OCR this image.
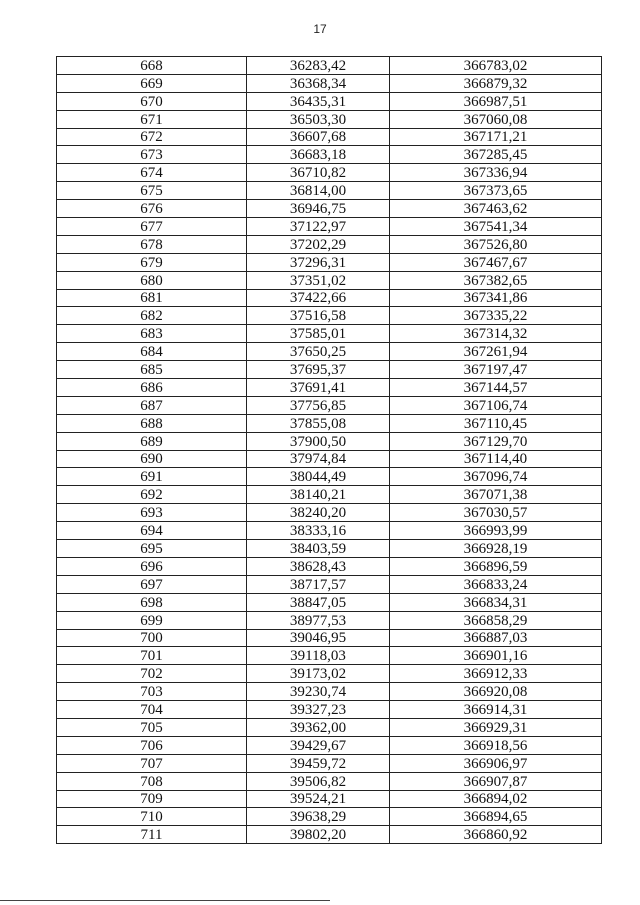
17
668	36283,42	366783,02
669	36368,34	366879,32
670	36435,31	366987,51
671	36503,30	367060,08
672	36607,68	367171,21
673	36683,18	367285,45
674	36710,82	367336,94
675	36814,00	367373,65
676	36946,75	367463,62
677	37122,97	367541,34
678	37202,29	367526,80
679	37296,31	367467,67
680	37351,02	367382,65
681	37422,66	367341,86
682	37516,58	367335,22
683	37585,01	367314,32
684	37650,25	367261,94
685	37695,37	367197,47
686	37691,41	367144,57
687	37756,85	367106,74
688	37855,08	367110,45
689	37900,50	367129,70
690	37974,84	367114,40
691	38044,49	367096,74
692	38140,21	367071,38
693	38240,20	367030,57
694	38333,16	366993,99
695	38403,59	366928,19
696	38628,43	366896,59
697	38717,57	366833,24
698	38847,05	366834,31
699	38977,53	366858,29
700	39046,95	366887,03
701	39118,03	366901,16
702	39173,02	366912,33
703	39230,74	366920,08
704	39327,23	366914,31
705	39362,00	366929,31
706	39429,67	366918,56
707	39459,72	366906,97
708	39506,82	366907,87
709	39524,21	366894,02
710	39638,29	366894,65
711	39802,20	366860,92
